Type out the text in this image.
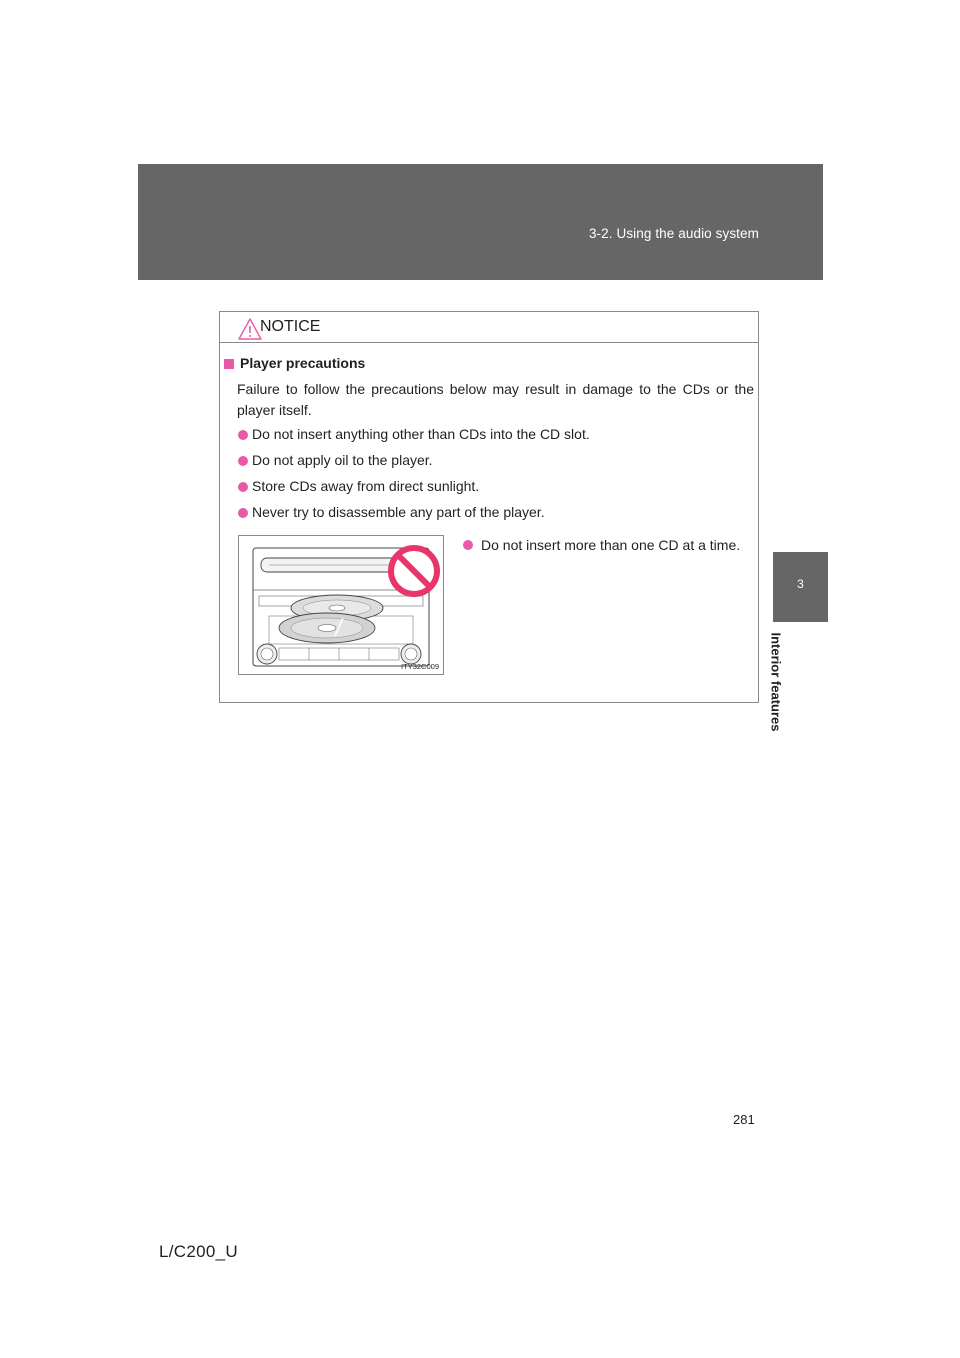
3-2. Using the audio system
3
Interior features
NOTICE
Player precautions
Failure to follow the precautions below may result in damage to the CDs or the player itself.
Do not insert anything other than CDs into the CD slot.
Do not apply oil to the player.
Store CDs away from direct sunlight.
Never try to disassemble any part of the player.
ITY32C009
Do not insert more than one CD at a time.
281
L/C200_U
